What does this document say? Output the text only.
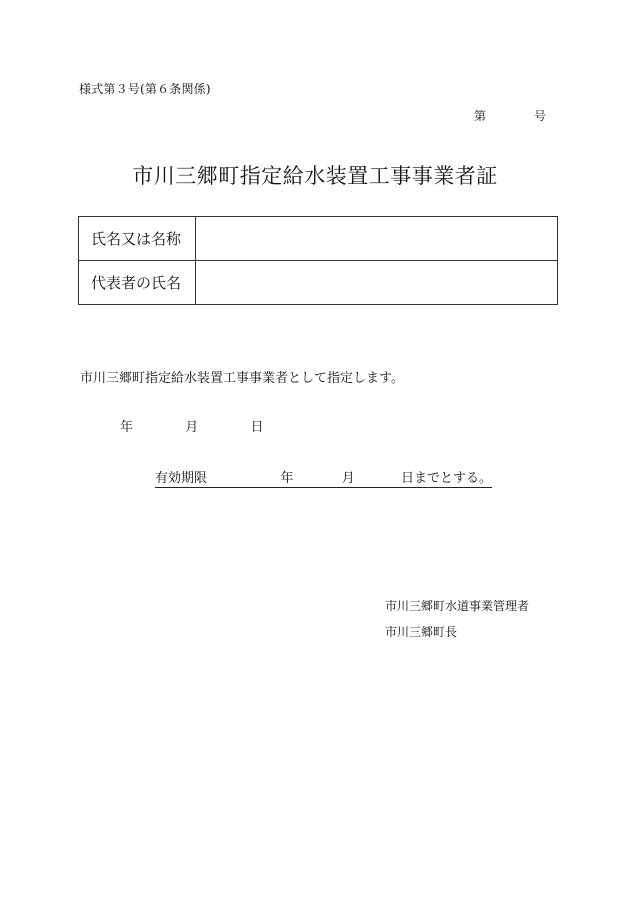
様式第３号(第６条関係)
第	号
市川三郷町指定給水装置工事事業者証
氏名又は名称	
代表者の氏名	
市川三郷町指定給水装置工事事業者として指定します。
年	月	日
有効期限	年	月	日までとする。
市川三郷町水道事業管理者
市川三郷町長
